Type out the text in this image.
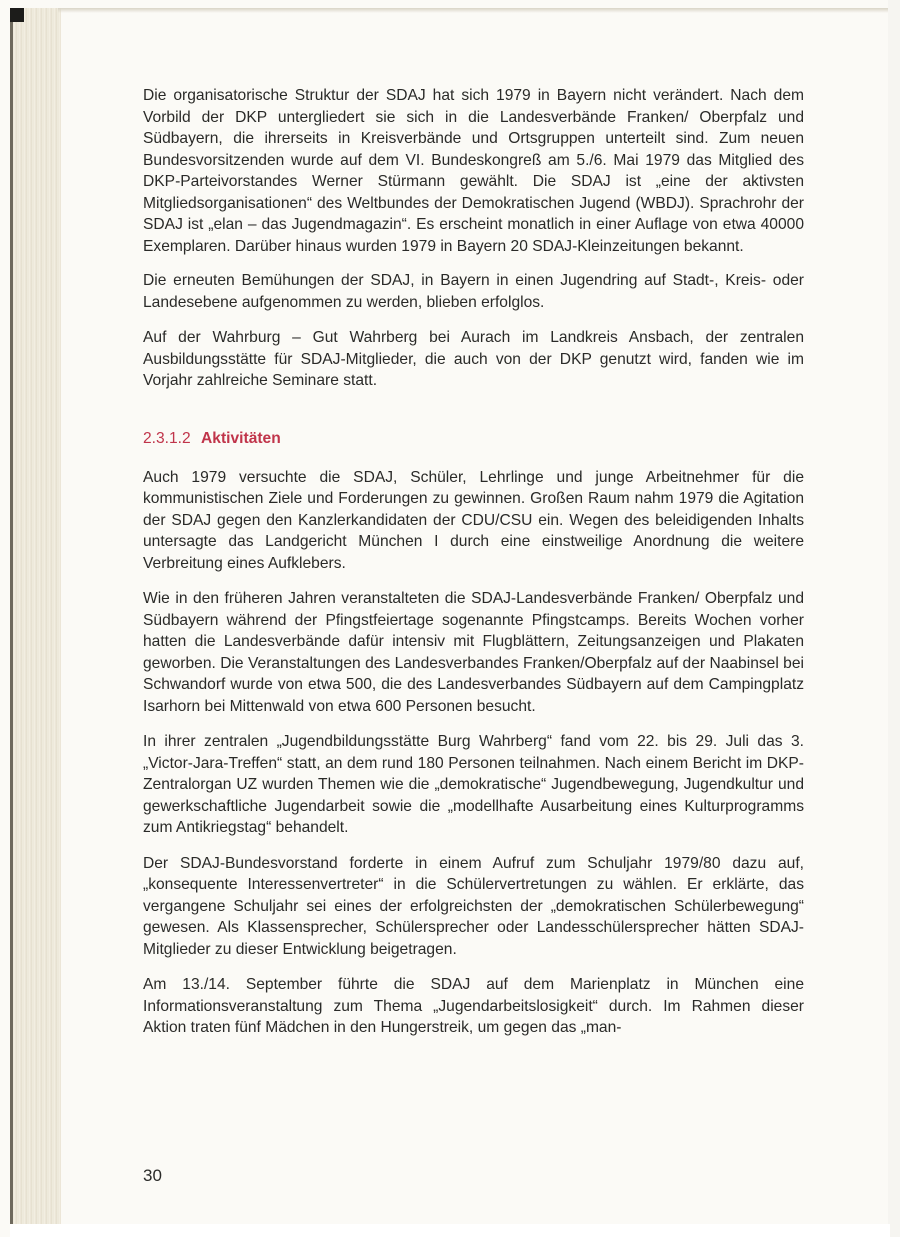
Die organisatorische Struktur der SDAJ hat sich 1979 in Bayern nicht verändert. Nach dem Vorbild der DKP untergliedert sie sich in die Landesverbände Franken/ Oberpfalz und Südbayern, die ihrerseits in Kreisverbände und Ortsgruppen unterteilt sind. Zum neuen Bundesvorsitzenden wurde auf dem VI. Bundeskongreß am 5./6. Mai 1979 das Mitglied des DKP-Parteivorstandes Werner Stürmann gewählt. Die SDAJ ist „eine der aktivsten Mitgliedsorganisationen“ des Weltbundes der Demokratischen Jugend (WBDJ). Sprachrohr der SDAJ ist „elan – das Jugendmagazin“. Es erscheint monatlich in einer Auflage von etwa 40000 Exemplaren. Darüber hinaus wurden 1979 in Bayern 20 SDAJ-Kleinzeitungen bekannt.

Die erneuten Bemühungen der SDAJ, in Bayern in einen Jugendring auf Stadt-, Kreis- oder Landesebene aufgenommen zu werden, blieben erfolglos.

Auf der Wahrburg – Gut Wahrberg bei Aurach im Landkreis Ansbach, der zentralen Ausbildungsstätte für SDAJ-Mitglieder, die auch von der DKP genutzt wird, fanden wie im Vorjahr zahlreiche Seminare statt.

2.3.1.2 Aktivitäten

Auch 1979 versuchte die SDAJ, Schüler, Lehrlinge und junge Arbeitnehmer für die kommunistischen Ziele und Forderungen zu gewinnen. Großen Raum nahm 1979 die Agitation der SDAJ gegen den Kanzlerkandidaten der CDU/CSU ein. Wegen des beleidigenden Inhalts untersagte das Landgericht München I durch eine einstweilige Anordnung die weitere Verbreitung eines Aufklebers.

Wie in den früheren Jahren veranstalteten die SDAJ-Landesverbände Franken/ Oberpfalz und Südbayern während der Pfingstfeiertage sogenannte Pfingstcamps. Bereits Wochen vorher hatten die Landesverbände dafür intensiv mit Flugblättern, Zeitungsanzeigen und Plakaten geworben. Die Veranstaltungen des Landesverbandes Franken/Oberpfalz auf der Naabinsel bei Schwandorf wurde von etwa 500, die des Landesverbandes Südbayern auf dem Campingplatz Isarhorn bei Mittenwald von etwa 600 Personen besucht.

In ihrer zentralen „Jugendbildungsstätte Burg Wahrberg“ fand vom 22. bis 29. Juli das 3. „Victor-Jara-Treffen“ statt, an dem rund 180 Personen teilnahmen. Nach einem Bericht im DKP-Zentralorgan UZ wurden Themen wie die „demokratische“ Jugendbewegung, Jugendkultur und gewerkschaftliche Jugendarbeit sowie die „modellhafte Ausarbeitung eines Kulturprogramms zum Antikriegstag“ behandelt.

Der SDAJ-Bundesvorstand forderte in einem Aufruf zum Schuljahr 1979/80 dazu auf, „konsequente Interessenvertreter“ in die Schülervertretungen zu wählen. Er erklärte, das vergangene Schuljahr sei eines der erfolgreichsten der „demokratischen Schülerbewegung“ gewesen. Als Klassensprecher, Schülersprecher oder Landesschülersprecher hätten SDAJ-Mitglieder zu dieser Entwicklung beigetragen.

Am 13./14. September führte die SDAJ auf dem Marienplatz in München eine Informationsveranstaltung zum Thema „Jugendarbeitslosigkeit“ durch. Im Rahmen dieser Aktion traten fünf Mädchen in den Hungerstreik, um gegen das „man-

30
